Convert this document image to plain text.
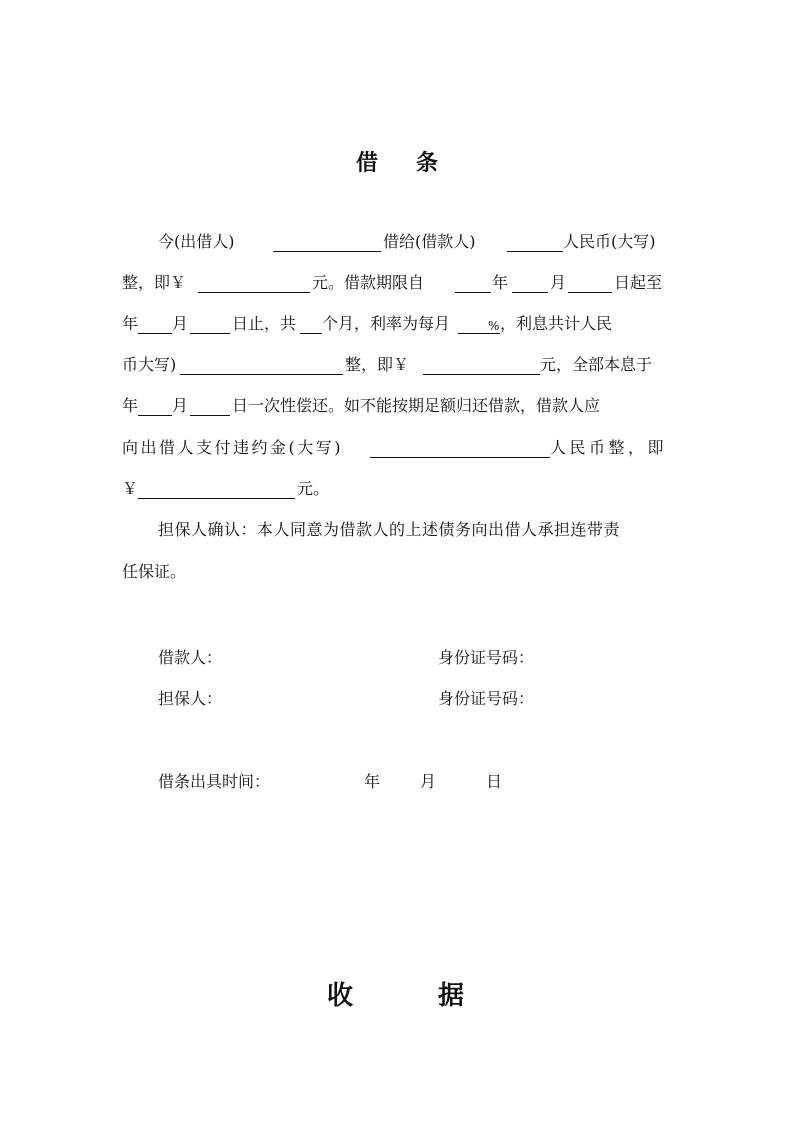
借 条
今(出借人)	借给(借款人)	人民币(大写)
整，即￥	元。借款期限自	年	月	日起至
年 月	日止，共 个月，利率为每月	% ，利息共计人民
币大写)	整，即￥	元，全部本息于
年 月	日一次性偿还。如不能按期足额归还借款，借款人应
向出借人支付违约金(大写)	人民币整，即
￥	元。
担保人确认：本人同意为借款人的上述债务向出借人承担连带责
任保证。
借款人：	身份证号码：
担保人：	身份证号码：
借条出具时间：	年 月	日
收	据
